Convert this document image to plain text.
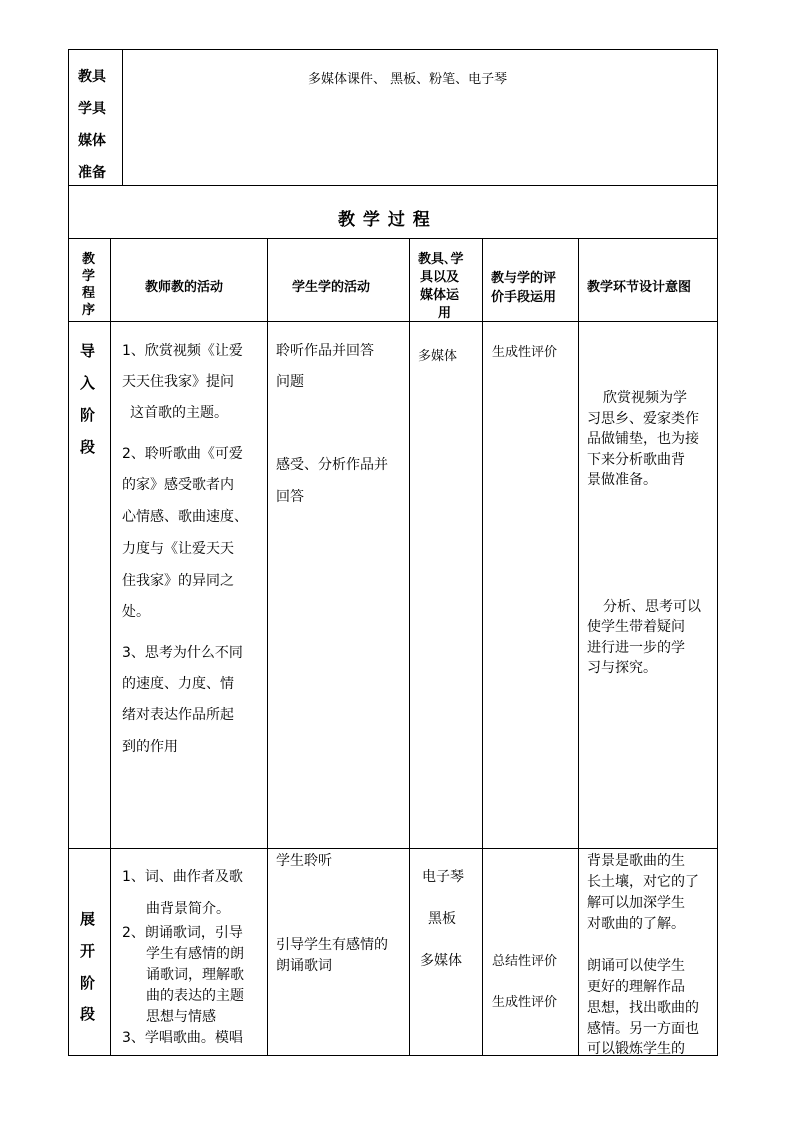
教具
学具
媒体
准备
多媒体课件、 黑板、粉笔、电子琴
教 学 过 程
教
学
程
序
教师教的活动	学生学的活动
教具､学
具以及
媒体运
用
教与学的评
价手段运用
教学环节设计意图
导
入
阶
段
1、欣赏视频《让爱
天天住我家》提问
这首歌的主题。
2、聆听歌曲《可爱
的家》感受歌者内
心情感、歌曲速度、
力度与《让爱天天
住我家》的异同之
处。
3、思考为什么不同
的速度、力度、情
绪对表达作品所起
到的作用
聆听作品并回答
问题
感受、分析作品并
回答
多媒体	生成性评价
欣赏视频为学
习思乡、爱家类作
品做铺垫，也为接
下来分析歌曲背
景做准备。
分析、思考可以
使学生带着疑问
进行进一步的学
习与探究。
展
开
阶
段
1、词、曲作者及歌
曲背景简介。
2、朗诵歌词，引导
学生有感情的朗
诵歌词，理解歌
曲的表达的主题
思想与情感
3、学唱歌曲。模唱
学生聆听
引导学生有感情的
朗诵歌词
电子琴
黑板
多媒体 总结性评价
生成性评价
背景是歌曲的生
长土壤，对它的了
解可以加深学生
对歌曲的了解。
朗诵可以使学生
更好的理解作品
思想，找出歌曲的
感情。另一方面也
可以锻炼学生的
